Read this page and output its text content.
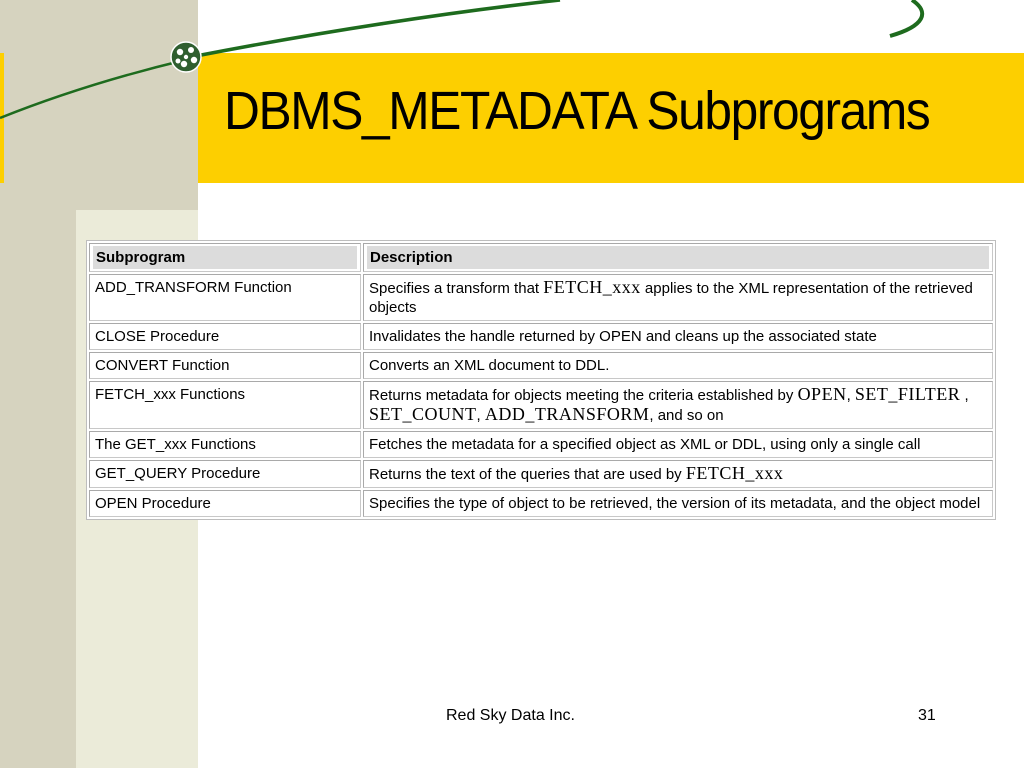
DBMS_METADATA Subprograms
Subprogram	Description

ADD_TRANSFORM Function	Specifies a transform that FETCH_xxx applies to the XML representation of the retrieved objects
CLOSE Procedure	Invalidates the handle returned by OPEN and cleans up the associated state
CONVERT Function	Converts an XML document to DDL.
FETCH_xxx Functions	Returns metadata for objects meeting the criteria established by OPEN, SET_FILTER , SET_COUNT, ADD_TRANSFORM, and so on
The GET_xxx Functions	Fetches the metadata for a specified object as XML or DDL, using only a single call
GET_QUERY Procedure	Returns the text of the queries that are used by FETCH_xxx
OPEN Procedure	Specifies the type of object to be retrieved, the version of its metadata, and the object model
Red Sky Data Inc.	31
